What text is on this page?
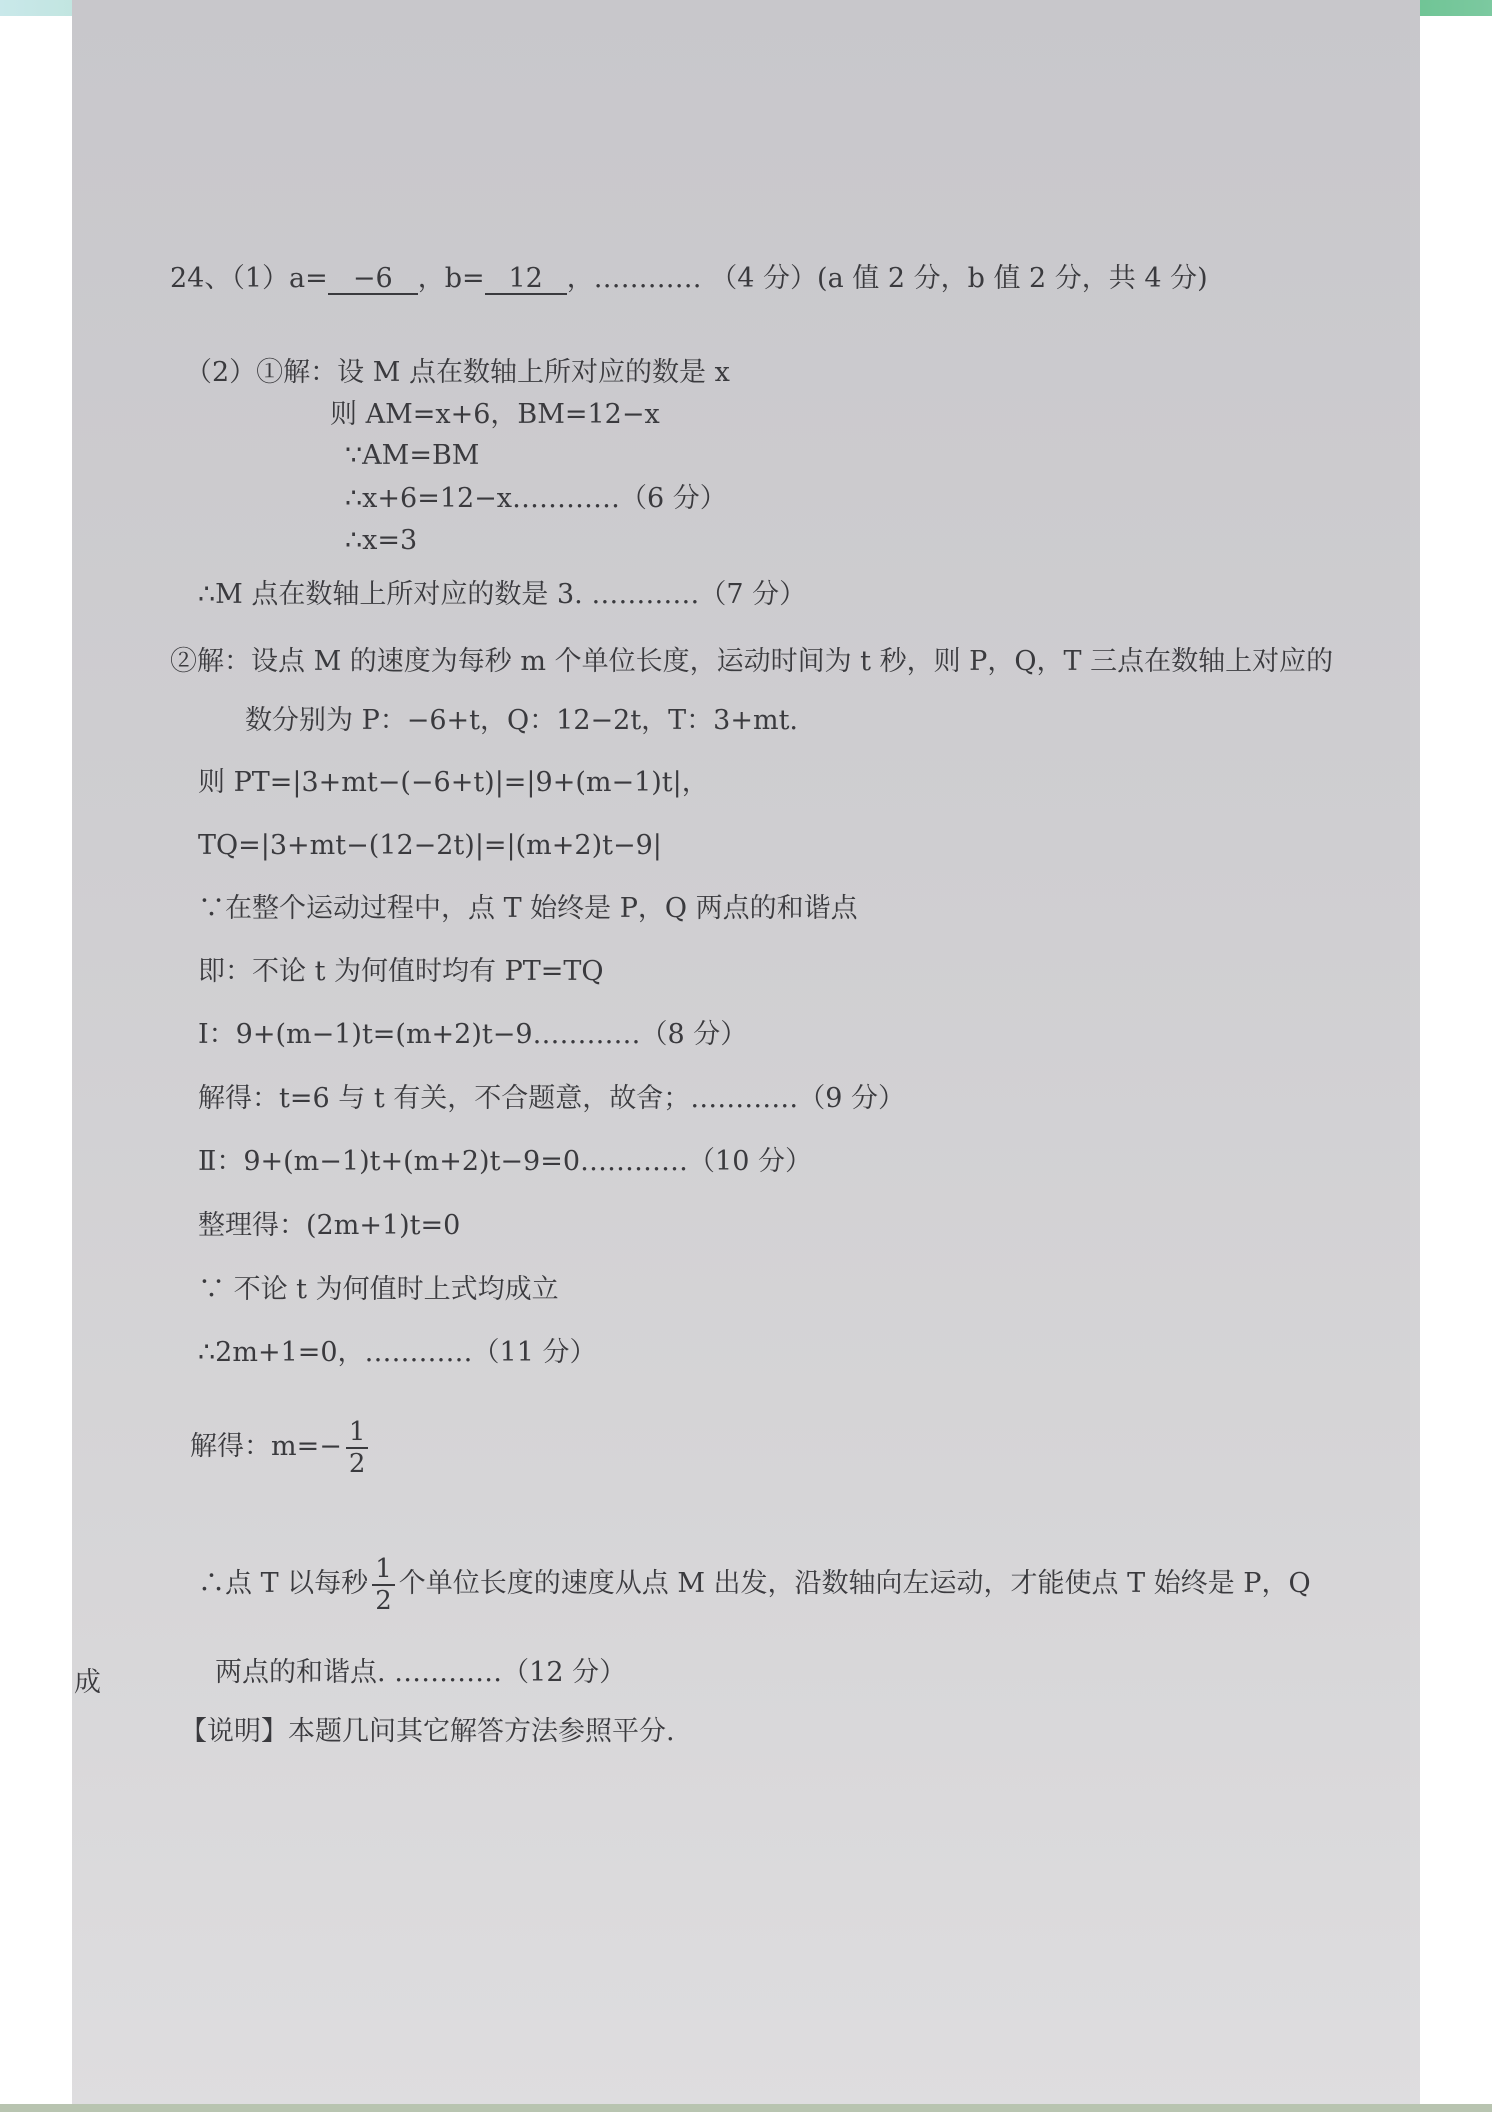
24、（1）a= −6 ，b= 12 ，………… （4 分）(a 值 2 分，b 值 2 分，共 4 分)
（2）①解：设 M 点在数轴上所对应的数是 x
则 AM=x+6，BM=12−x
∵AM=BM
∴x+6=12−x…………（6 分）
∴x=3
∴M 点在数轴上所对应的数是 3. …………（7 分）
②解：设点 M 的速度为每秒 m 个单位长度，运动时间为 t 秒，则 P，Q，T 三点在数轴上对应的
数分别为 P：−6+t，Q：12−2t，T：3+mt.
则 PT=|3+mt−(−6+t)|=|9+(m−1)t|，
TQ=|3+mt−(12−2t)|=|(m+2)t−9|
∵在整个运动过程中，点 T 始终是 P，Q 两点的和谐点
即：不论 t 为何值时均有 PT=TQ
Ⅰ：9+(m−1)t=(m+2)t−9…………（8 分）
解得：t=6 与 t 有关，不合题意，故舍；…………（9 分）
Ⅱ：9+(m−1)t+(m+2)t−9=0…………（10 分）
整理得：(2m+1)t=0
∵ 不论 t 为何值时上式均成立
∴2m+1=0，…………（11 分）
解得：$m=- \frac{1}{2}$
∴点 T 以每秒 $\frac{1}{2}$ 个单位长度的速度从点 M 出发，沿数轴向左运动，才能使点 T 始终是 P，Q
两点的和谐点. …………（12 分）
【说明】本题几问其它解答方法参照平分.
成
